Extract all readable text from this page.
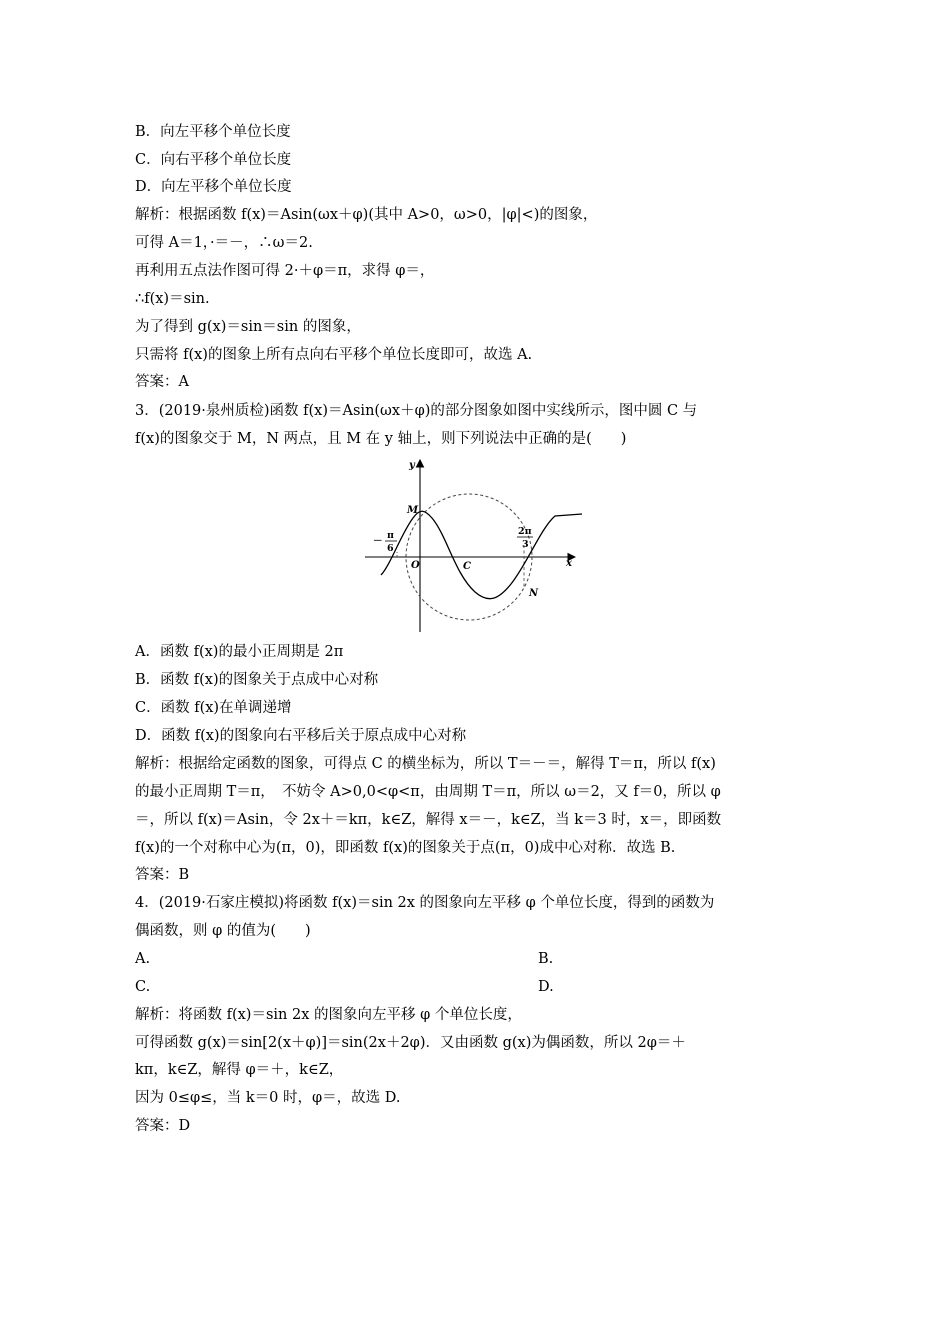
B．向左平移个单位长度
C．向右平移个单位长度
D．向左平移个单位长度
解析：根据函数 f(x)＝Asin(ωx＋φ)(其中 A>0，ω>0，|φ|<)的图象，
可得 A＝1，·＝－，∴ω＝2.
再利用五点法作图可得 2·＋φ＝π，求得 φ＝，
∴f(x)＝sin.
为了得到 g(x)＝sin＝sin 的图象，
只需将 f(x)的图象上所有点向右平移个单位长度即可，故选 A.
答案：A
3．(2019·泉州质检)函数 f(x)＝Asin(ωx＋φ)的部分图象如图中实线所示，图中圆 C 与
f(x)的图象交于 M，N 两点，且 M 在 y 轴上，则下列说法中正确的是(　　)
y
x
O
M
N
C
－
π
6
2π
3
A．函数 f(x)的最小正周期是 2π
B．函数 f(x)的图象关于点成中心对称
C．函数 f(x)在单调递增
D．函数 f(x)的图象向右平移后关于原点成中心对称
解析：根据给定函数的图象，可得点 C 的横坐标为，所以 T＝－＝，解得 T＝π，所以 f(x)
的最小正周期 T＝π，　不妨令 A>0,0<φ<π，由周期 T＝π，所以 ω＝2，又 f＝0，所以 φ
＝，所以 f(x)＝Asin，令 2x＋＝kπ，k∈Z，解得 x＝－，k∈Z，当 k＝3 时，x＝，即函数
f(x)的一个对称中心为(π，0)，即函数 f(x)的图象关于点(π，0)成中心对称．故选 B.
答案：B
4．(2019·石家庄模拟)将函数 f(x)＝sin 2x 的图象向左平移 φ 个单位长度，得到的函数为
偶函数，则 φ 的值为(　　)
A.	B.
C.	D.
解析：将函数 f(x)＝sin 2x 的图象向左平移 φ 个单位长度，
可得函数 g(x)＝sin[2(x＋φ)]＝sin(2x＋2φ)．又由函数 g(x)为偶函数，所以 2φ＝＋
kπ，k∈Z，解得 φ＝＋，k∈Z，
因为 0≤φ≤，当 k＝0 时，φ＝，故选 D.
答案：D
